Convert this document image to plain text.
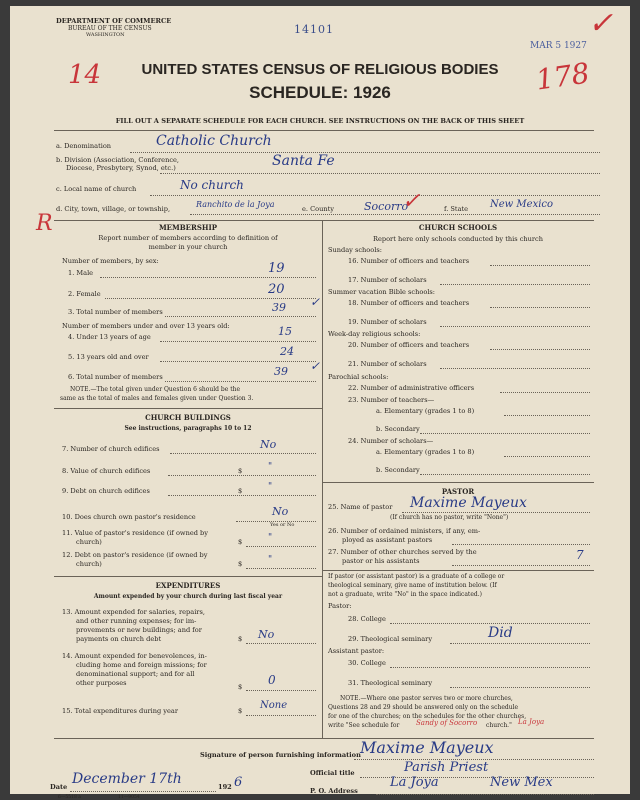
DEPARTMENT OF COMMERCE
BUREAU OF THE CENSUS
WASHINGTON	14101
MAR 5 1927
14	178
✓
UNITED STATES CENSUS OF RELIGIOUS BODIES
SCHEDULE: 1926
FILL OUT A SEPARATE SCHEDULE FOR EACH CHURCH. SEE INSTRUCTIONS ON THE BACK OF THIS SHEET
a. Denomination	Catholic Church
b. Division (Association, Conference,
Diocese, Presbytery, Synod, etc.)	Santa Fe
c. Local name of church	No church
d. City, town, village, or township,	Ranchito de la Joya	e. County	Socorro
✓	f. State New Mexico
R	MEMBERSHIP
Report number of members according to definition of
member in your church
Number of members, by sex:
1. Male	19
2. Female	20
3. Total number of members	39 ✓
Number of members under and over 13 years old:
4. Under 13 years of age	15
5. 13 years old and over	24
6. Total number of members	39 ✓
NOTE.—The total given under Question 6 should be the
same as the total of males and females given under Question 3.
CHURCH BUILDINGS
See instructions, paragraphs 10 to 12
7. Number of church edifices	No
8. Value of church edifices	$	"
9. Debt on church edifices	$	"
10. Does church own pastor's residence	No
Yes or No
11. Value of pastor's residence (if owned by
church)	$	"
12. Debt on pastor's residence (if owned by
church)	$	"
EXPENDITURES
Amount expended by your church during last fiscal year
13. Amount expended for salaries, repairs,
and other running expenses; for im-
provements or new buildings; and for
payments on church debt	$ No
14. Amount expended for benevolences, in-
cluding home and foreign missions; for
denominational support; and for all
other purposes	$ 0
15. Total expenditures during year	$ None
CHURCH SCHOOLS
Report here only schools conducted by this church
Sunday schools:
16. Number of officers and teachers
17. Number of scholars
Summer vacation Bible schools:
18. Number of officers and teachers
19. Number of scholars
Week-day religious schools:
20. Number of officers and teachers
21. Number of scholars
Parochial schools:
22. Number of administrative officers
23. Number of teachers—
a. Elementary (grades 1 to 8)
b. Secondary
24. Number of scholars—
a. Elementary (grades 1 to 8)
b. Secondary
PASTOR
25. Name of pastor Maxime Mayeux
(If church has no pastor, write "None")
26. Number of ordained ministers, if any, em-
ployed as assistant pastors
27. Number of other churches served by the
pastor or his assistants	7
If pastor (or assistant pastor) is a graduate of a college or
theological seminary, give name of institution below. (If
not a graduate, write "No" in the space indicated.)
Pastor:
28. College
29. Theological seminary	Did
Assistant pastor:
30. College
31. Theological seminary
NOTE.—Where one pastor serves two or more churches,
Questions 28 and 29 should be answered only on the schedule
for one of the churches; on the schedules for the other churches,
write "See schedule for Sandy of Socorro church." La Joya
Signature of person furnishing information Maxime Mayeux
Official title	Parish Priest
Date December 17th	192 6
P. O. Address
La Joya	New Mex
6—5518 a	11—9054
